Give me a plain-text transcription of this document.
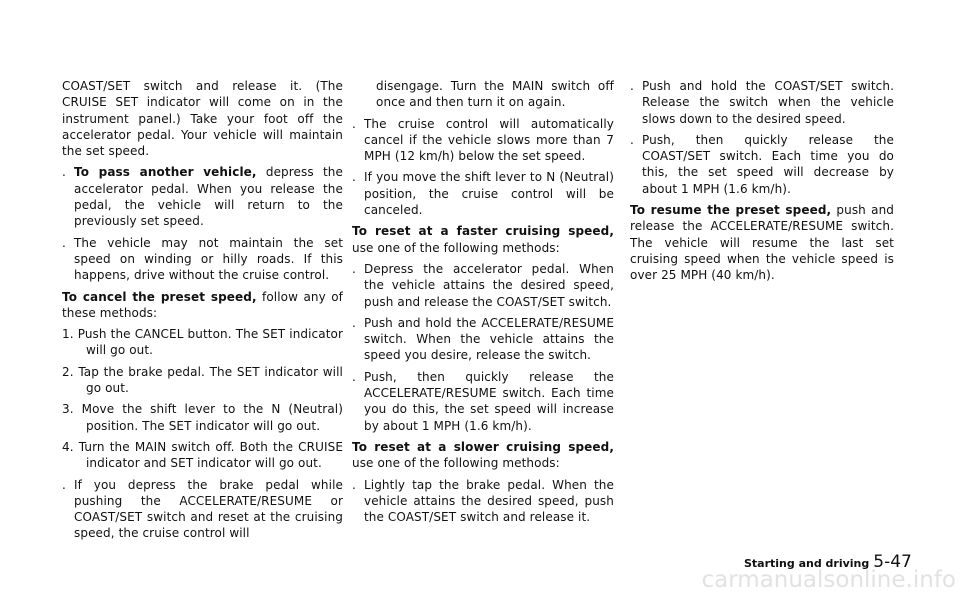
COAST/SET switch and release it. (The CRUISE SET indicator will come on in the instrument panel.) Take your foot off the accelerator pedal. Your vehicle will maintain the set speed.

. To pass another vehicle, depress the accelerator pedal. When you release the pedal, the vehicle will return to the previously set speed.
. The vehicle may not maintain the set speed on winding or hilly roads. If this happens, drive without the cruise control.

To cancel the preset speed, follow any of these methods:

1. Push the CANCEL button. The SET indicator will go out.
2. Tap the brake pedal. The SET indicator will go out.
3. Move the shift lever to the N (Neutral) position. The SET indicator will go out.
4. Turn the MAIN switch off. Both the CRUISE indicator and SET indicator will go out.
. If you depress the brake pedal while pushing the ACCELERATE/RESUME or COAST/SET switch and reset at the cruising speed, the cruise control will
disengage. Turn the MAIN switch off once and then turn it on again.
. The cruise control will automatically cancel if the vehicle slows more than 7 MPH (12 km/h) below the set speed.
. If you move the shift lever to N (Neutral) position, the cruise control will be canceled.

To reset at a faster cruising speed, use one of the following methods:

. Depress the accelerator pedal. When the vehicle attains the desired speed, push and release the COAST/SET switch.
. Push and hold the ACCELERATE/RESUME switch. When the vehicle attains the speed you desire, release the switch.
. Push, then quickly release the ACCELERATE/RESUME switch. Each time you do this, the set speed will increase by about 1 MPH (1.6 km/h).

To reset at a slower cruising speed, use one of the following methods:

. Lightly tap the brake pedal. When the vehicle attains the desired speed, push the COAST/SET switch and release it.
. Push and hold the COAST/SET switch. Release the switch when the vehicle slows down to the desired speed.
. Push, then quickly release the COAST/SET switch. Each time you do this, the set speed will decrease by about 1 MPH (1.6 km/h).

To resume the preset speed, push and release the ACCELERATE/RESUME switch. The vehicle will resume the last set cruising speed when the vehicle speed is over 25 MPH (40 km/h).

Starting and driving 5-47
carmanualsonline.info
